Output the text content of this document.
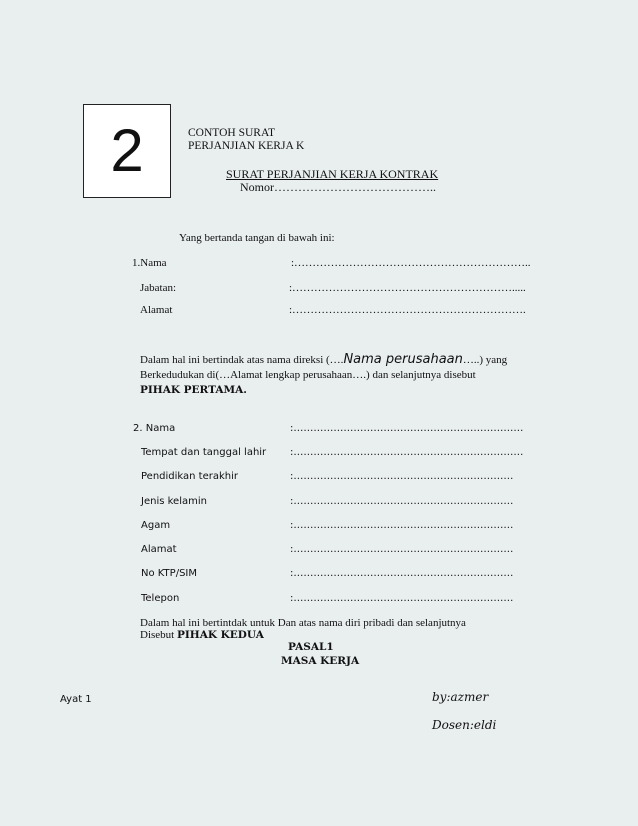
2	CONTOH SURAT
PERJANJIAN KERJA K
SURAT PERJANJIAN KERJA KONTRAK
Nomor…………………………………..
Yang bertanda tangan di bawah ini:
1.Nama	:………………………………………………………..
Jabatan:	:…………………………………………………….....
Alamat	:……………………………………………………….
Dalam hal ini bertindak atas nama direksi (….Nama perusahaan…..) yang
Berkedudukan di(…Alamat lengkap perusahaan….) dan selanjutnya disebut
PIHAK PERTAMA.
2. Nama	:……………………………………………………………
Tempat dan tanggal lahir :……………………………………………………………
Pendidikan terakhir	:…………………………………………………………
Jenis kelamin	:…………………………………………………………
Agam	:…………………………………………………………
Alamat	:…………………………………………………………
No KTP/SIM	:…………………………………………………………
Telepon	:…………………………………………………………
Dalam hal ini bertintdak untuk Dan atas nama diri pribadi dan selanjutnya
Disebut PIHAK KEDUA
PASAL1
MASA KERJA
Ayat 1	by:azmer
Dosen:eldi
